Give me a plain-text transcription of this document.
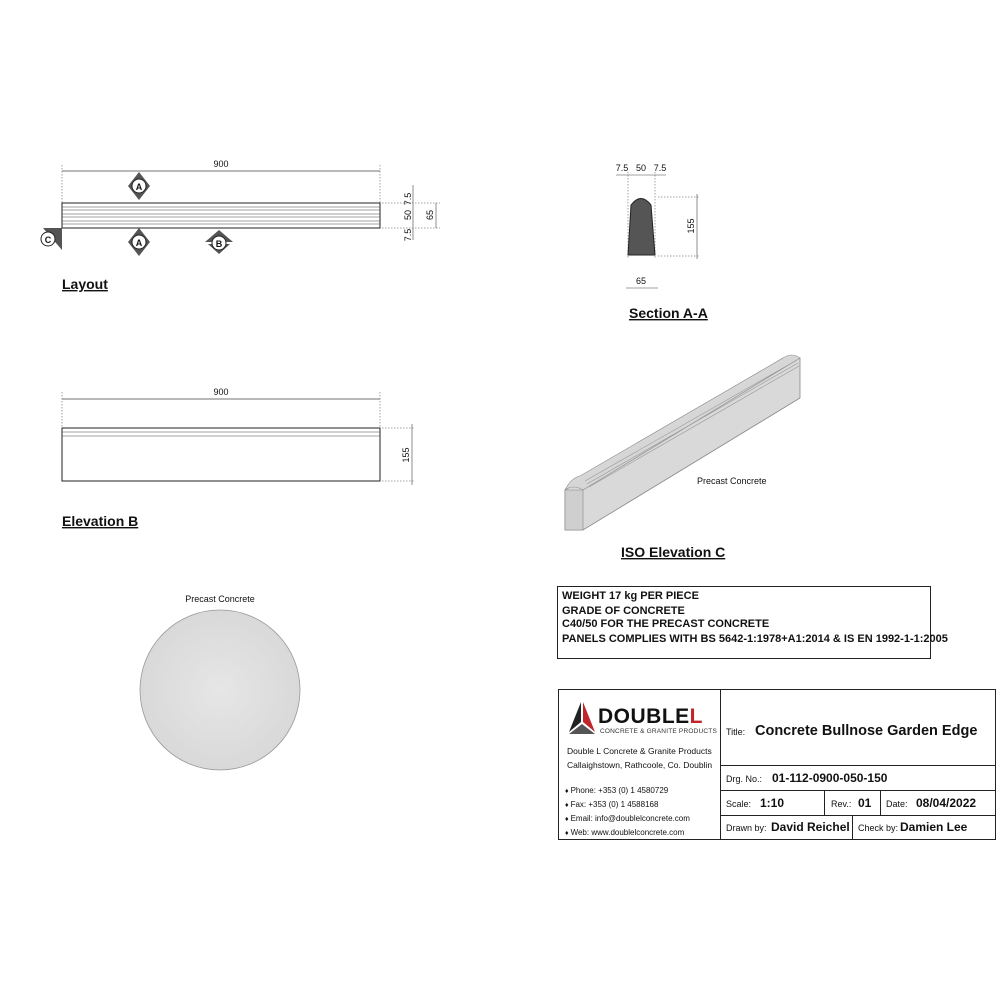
900
7.5
50
7.5
65
A
A	B
C
Layout
7.5 50 7.5
155
65
Section A-A
900
155
Elevation B
Precast Concrete
ISO Elevation C
Precast Concrete	WEIGHT 17 kg PER PIECE
GRADE OF CONCRETE
C40/50 FOR THE PRECAST CONCRETE
PANELS COMPLIES WITH BS 5642-1:1978+A1:2014 & IS EN 1992-1-1:2005
DOUBLEL
CONCRETE & GRANITE PRODUCTS
Double L Concrete & Granite Products
Callaighstown, Rathcoole, Co. Doublin
♦ Phone: +353 (0) 1 4580729
♦ Fax: +353 (0) 1 4588168
♦ Email: info@doublelconcrete.com
♦ Web: www.doublelconcrete.com
Title: Concrete Bullnose Garden Edge
Drg. No.: 01-112-0900-050-150
Scale: 1:10	Rev.: 01 Date: 08/04/2022
Drawn by: David Reichel Check by: Damien Lee
